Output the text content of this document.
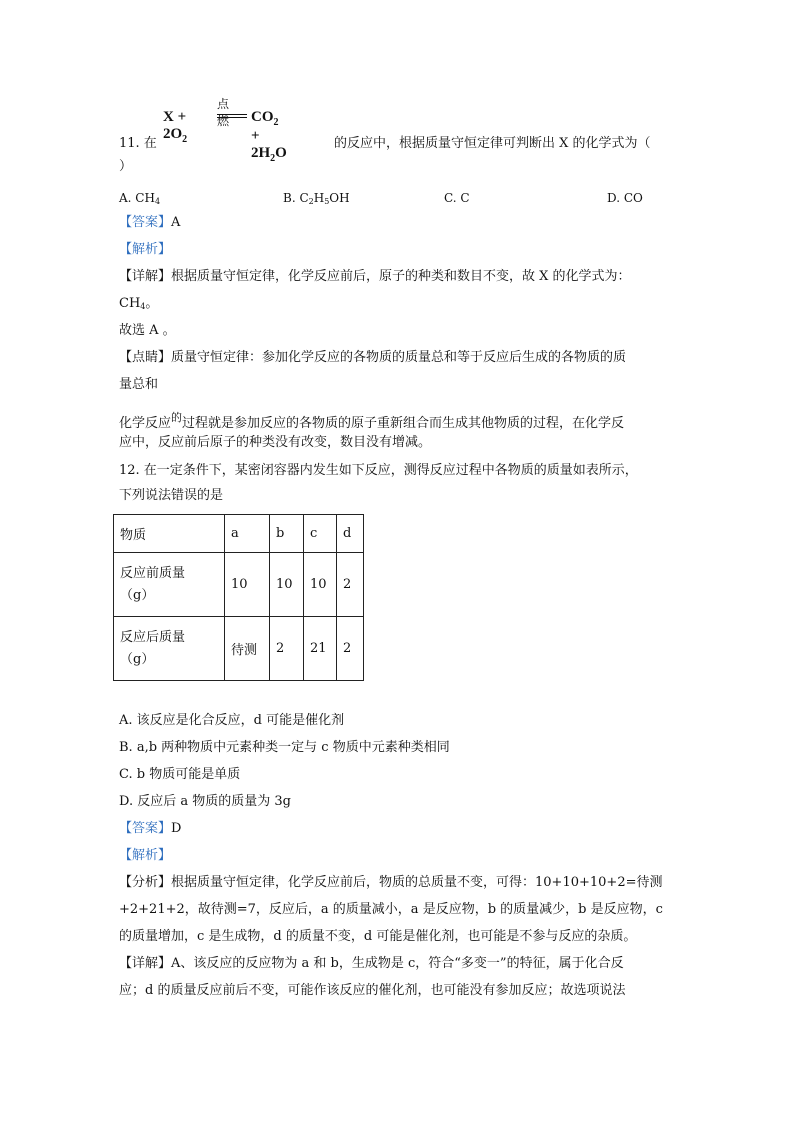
点燃
$X + 2O_2$
$CO_2 + 2H_2O$
11. 在	的反应中，根据质量守恒定律可判断出 X 的化学式为（
）
A. $CH_4$	B. $C_2H_5OH$	C. C	D. CO
【答案】A
【解析】
【详解】根据质量守恒定律，化学反应前后，原子的种类和数目不变，故 X 的化学式为：
$CH_4$。
故选 A 。
【点睛】质量守恒定律：参加化学反应的各物质的质量总和等于反应后生成的各物质的质
量总和
化学反应$^的$过程就是参加反应的各物质的原子重新组合而生成其他物质的过程，在化学反
应中，反应前后原子的种类没有改变，数目没有增减。
12. 在一定条件下，某密闭容器内发生如下反应，测得反应过程中各物质的质量如表所示，
下列说法错误的是
物质	a	b	c	d

反应前质量
（g）	10	10	10	2

反应后质量
（g）	待测	2	21	2
A. 该反应是化合反应，d 可能是催化剂
B. a,b 两种物质中元素种类一定与 c 物质中元素种类相同
C. b 物质可能是单质
D. 反应后 a 物质的质量为 3g
【答案】D
【解析】
【分析】根据质量守恒定律，化学反应前后，物质的总质量不变，可得：10+10+10+2=待测
+2+21+2，故待测=7，反应后，a 的质量减小，a 是反应物，b 的质量减少，b 是反应物，c
的质量增加，c 是生成物，d 的质量不变，d 可能是催化剂，也可能是不参与反应的杂质。
【详解】A、该反应的反应物为 a 和 b，生成物是 c，符合“多变一”的特征，属于化合反
应；d 的质量反应前后不变，可能作该反应的催化剂，也可能没有参加反应；故选项说法
